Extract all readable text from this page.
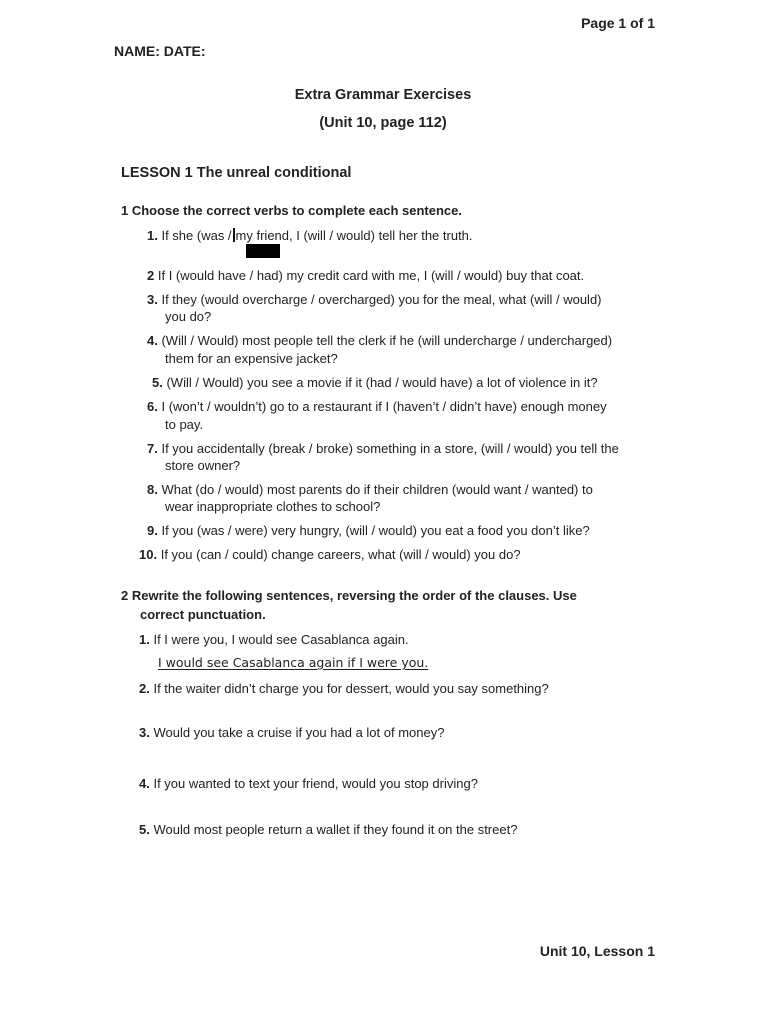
Page 1 of 1
NAME: DATE:
Extra Grammar Exercises
(Unit 10, page 112)
LESSON 1 The unreal conditional
1 Choose the correct verbs to complete each sentence.
1. If she (was / my friend, I (will / would) tell her the truth.
were)
2 If I (would have / had) my credit card with me, I (will / would) buy that coat.
3. If they (would overcharge / overcharged) you for the meal, what (will / would)
you do?
4. (Will / Would) most people tell the clerk if he (will undercharge / undercharged)
them for an expensive jacket?
5. (Will / Would) you see a movie if it (had / would have) a lot of violence in it?
6. I (won’t / wouldn’t) go to a restaurant if I (haven’t / didn’t have) enough money
to pay.
7. If you accidentally (break / broke) something in a store, (will / would) you tell the
store owner?
8. What (do / would) most parents do if their children (would want / wanted) to
wear inappropriate clothes to school?
9. If you (was / were) very hungry, (will / would) you eat a food you don’t like?
10. If you (can / could) change careers, what (will / would) you do?
2 Rewrite the following sentences, reversing the order of the clauses. Use
correct punctuation.
1. If I were you, I would see Casablanca again.
I would see Casablanca again if I were you.
2. If the waiter didn’t charge you for dessert, would you say something?
3. Would you take a cruise if you had a lot of money?
4. If you wanted to text your friend, would you stop driving?
5. Would most people return a wallet if they found it on the street?
Unit 10, Lesson 1
